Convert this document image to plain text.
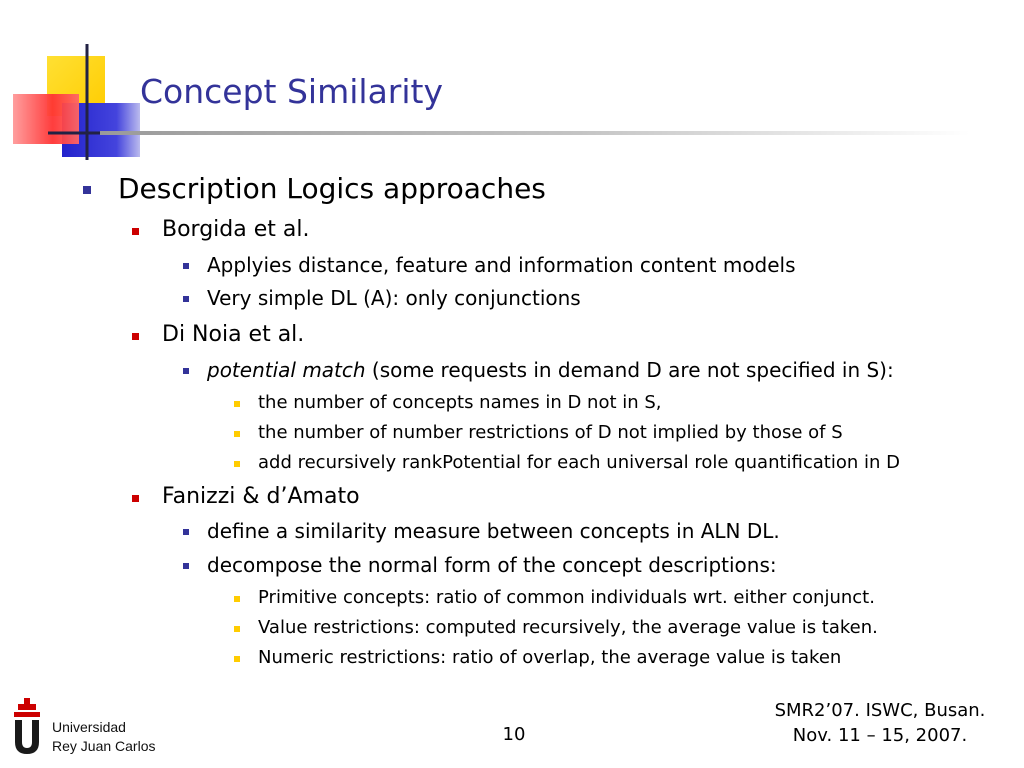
Concept Similarity
Description Logics approaches
Borgida et al.
Applyies distance, feature and information content models
Very simple DL (A): only conjunctions
Di Noia et al.
potential match (some requests in demand D are not specified in S):
the number of concepts names in D not in S,
the number of number restrictions of D not implied by those of S
add recursively rankPotential for each universal role quantification in D
Fanizzi & d’Amato
define a similarity measure between concepts in ALN DL.
decompose the normal form of the concept descriptions:
Primitive concepts: ratio of common individuals wrt. either conjunct.
Value restrictions: computed recursively, the average value is taken.
Numeric restrictions: ratio of overlap, the average value is taken
Universidad
Rey Juan Carlos
10
SMR2’07. ISWC, Busan.
Nov. 11 – 15, 2007.
